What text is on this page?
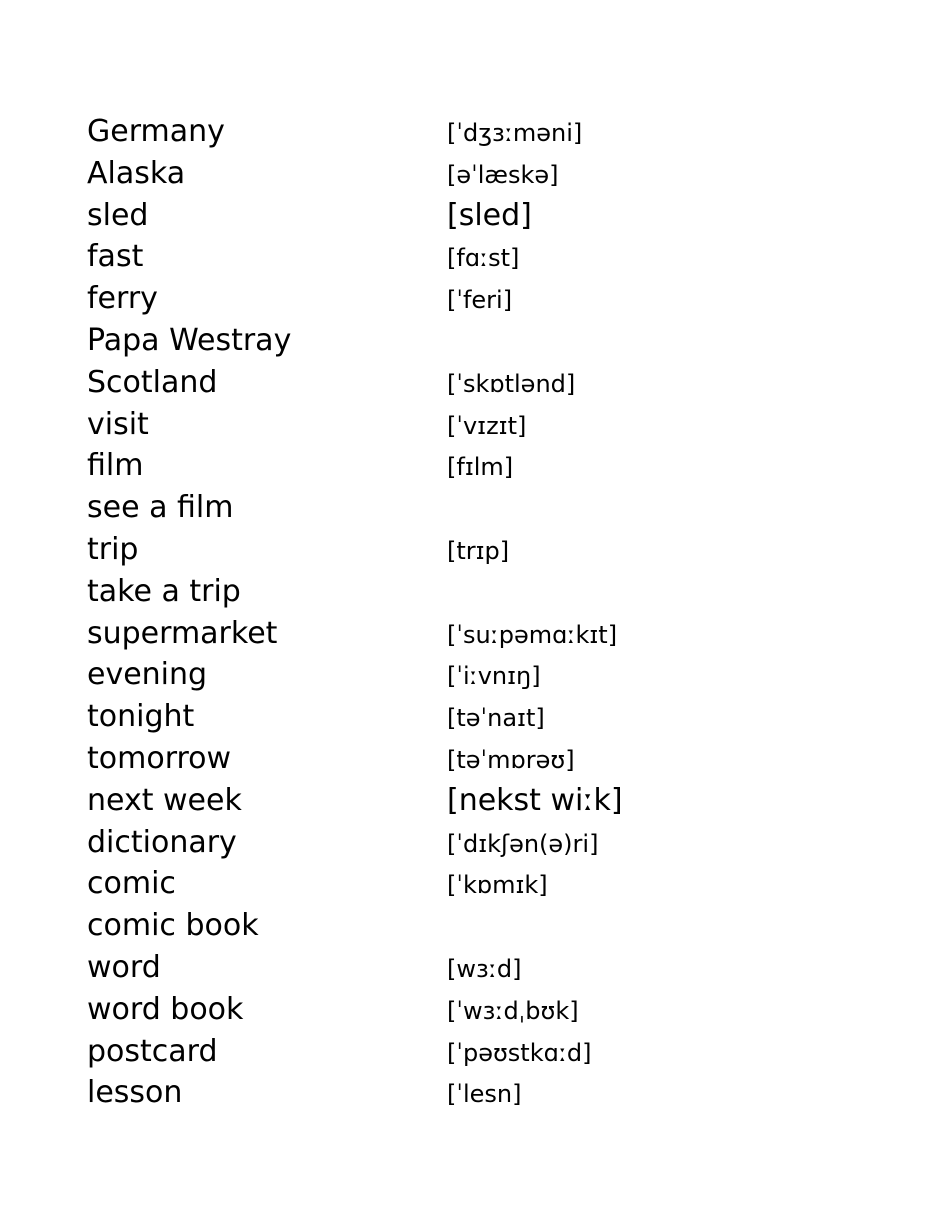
Germany	[ˈdʒɜːməni]
Alaska	[əˈlæskə]
sled	[sled]
fast	[fɑːst]
ferry	[ˈferi]
Papa Westray
Scotland	[ˈskɒtlənd]
visit	[ˈvɪzɪt]
film	[fɪlm]
see a film
trip	[trɪp]
take a trip
supermarket	[ˈsuːpəmɑːkɪt]
evening	[ˈiːvnɪŋ]
tonight	[təˈnaɪt]
tomorrow	[təˈmɒrəʊ]
next week	[nekst wiːk]
dictionary	[ˈdɪkʃən(ə)ri]
comic	[ˈkɒmɪk]
comic book
word	[wɜːd]
word book	[ˈwɜːdˌbʊk]
postcard	[ˈpəʊstkɑːd]
lesson	[ˈlesn]
